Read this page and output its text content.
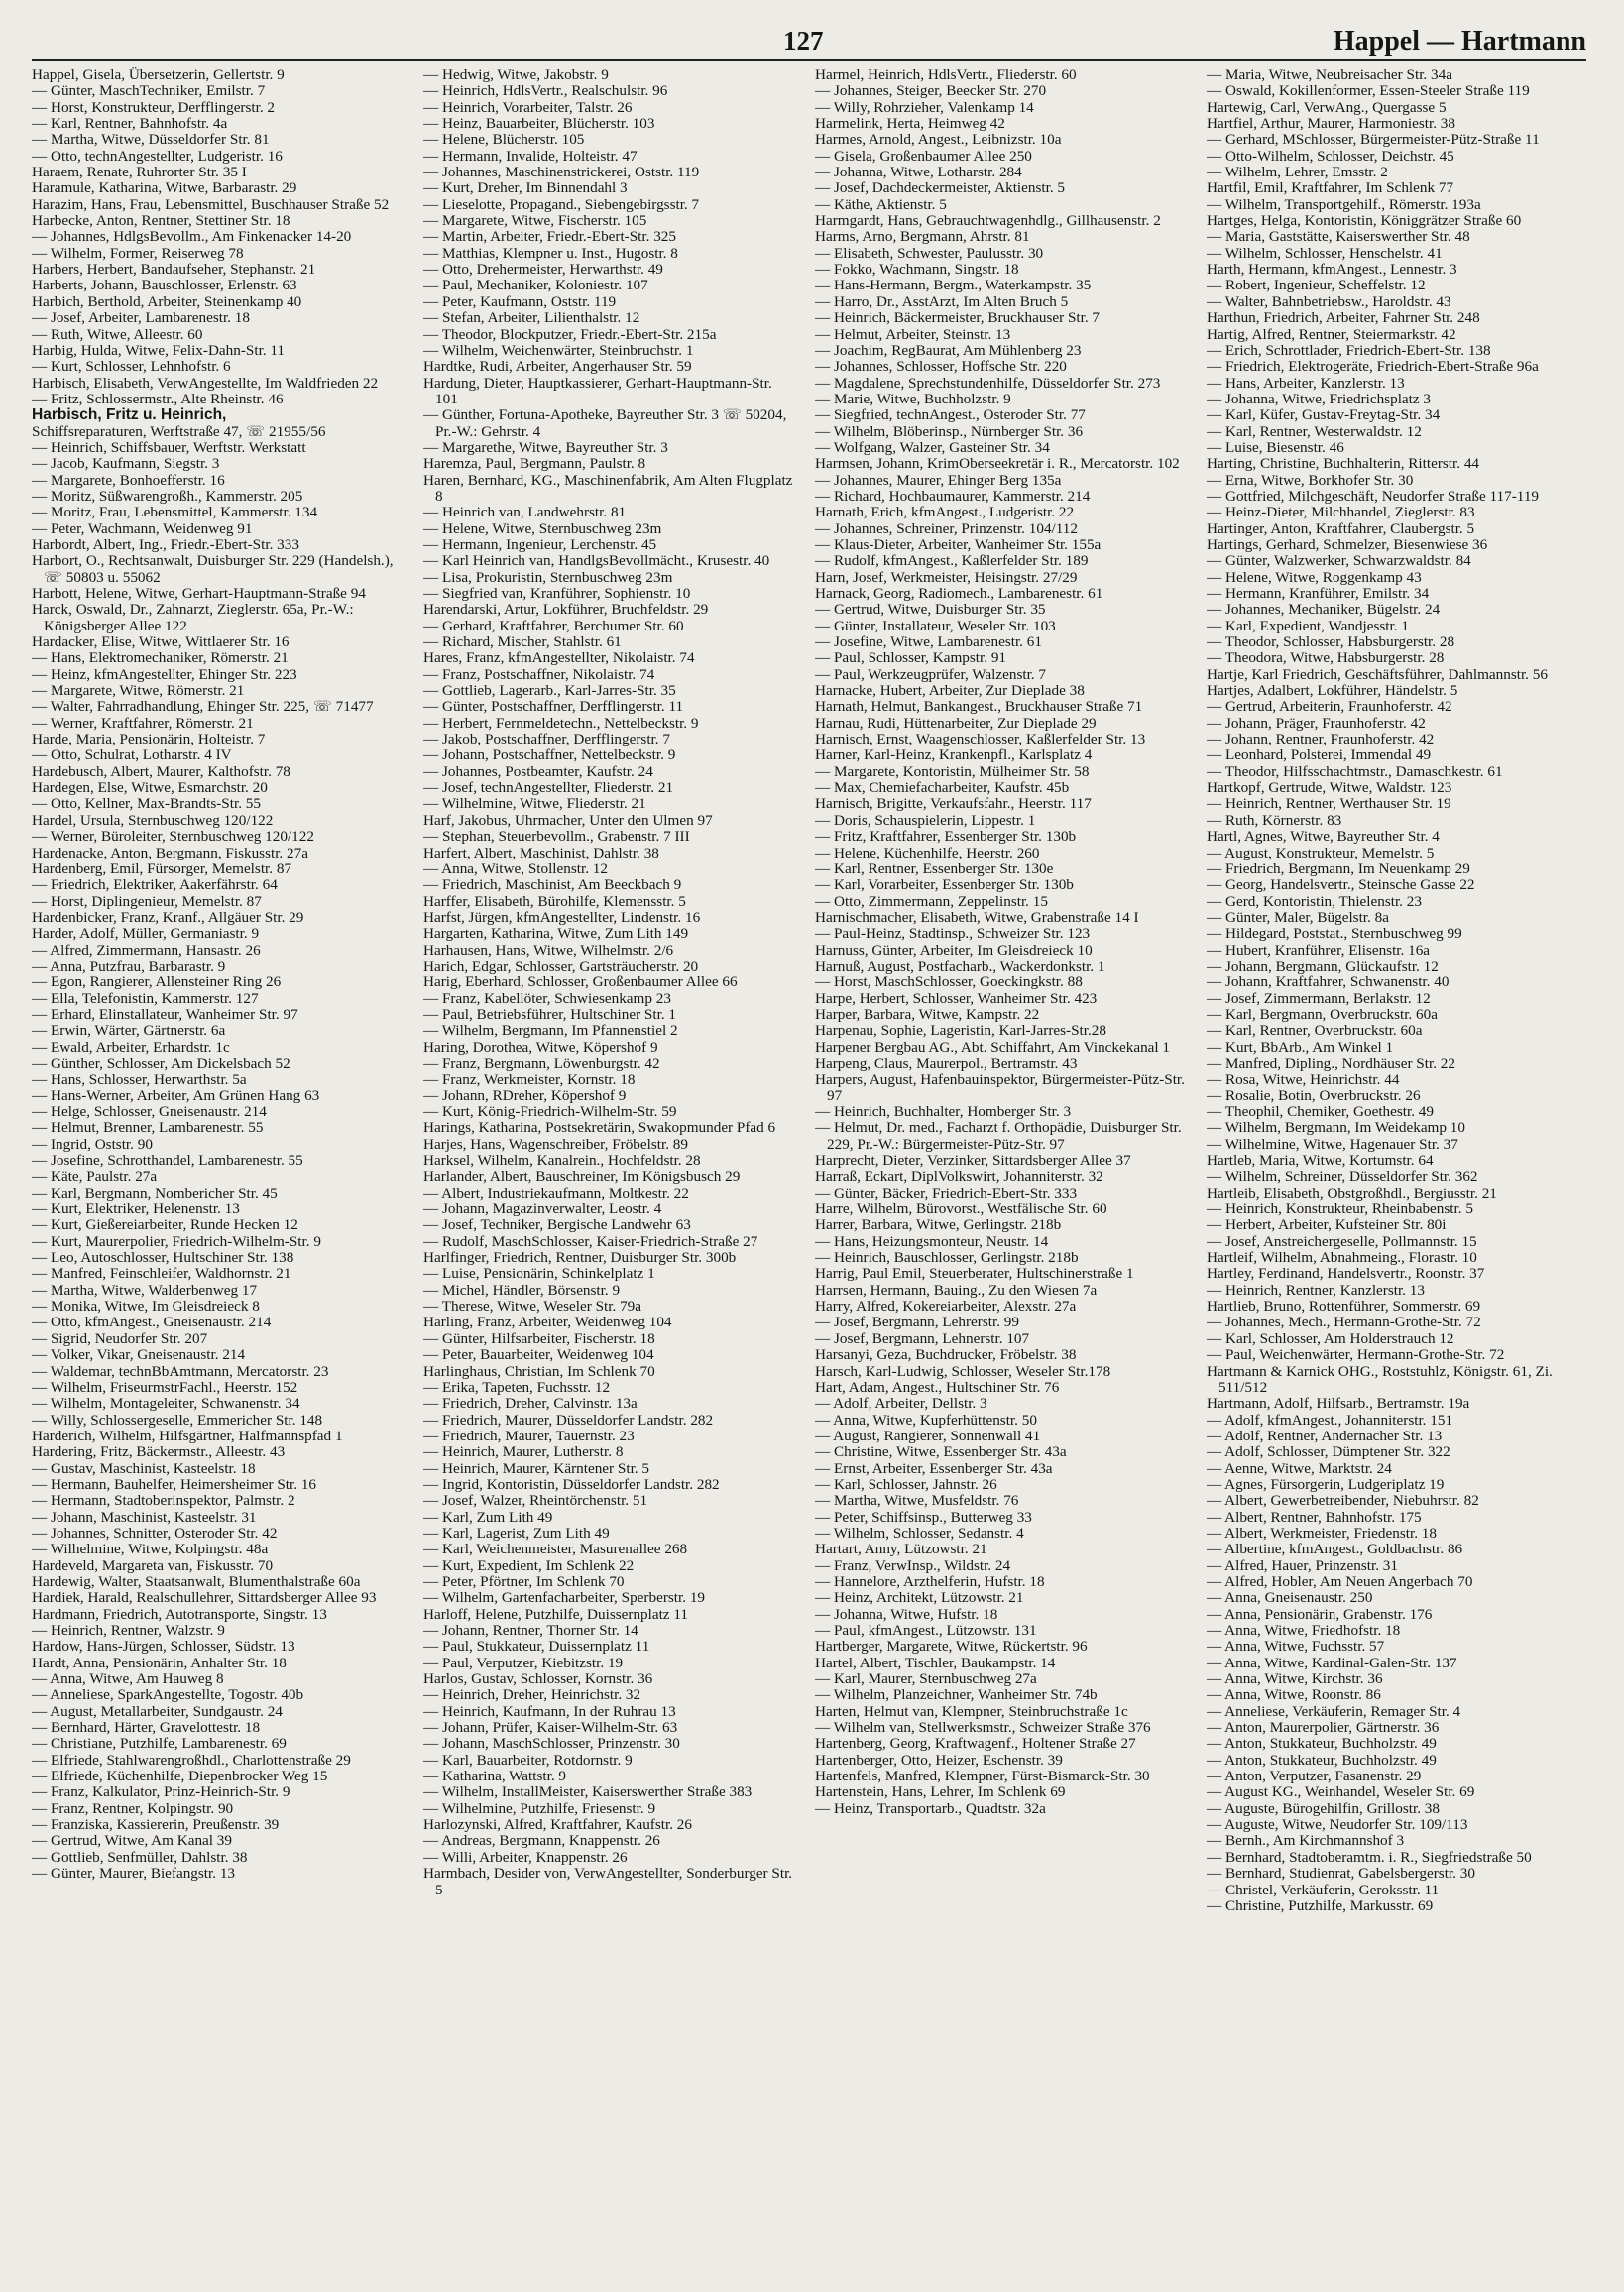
127	Happel — Hartmann

Happel, Gisela, Übersetzerin, Gellertstr. 9

— Günter, MaschTechniker, Emilstr. 7

— Horst, Konstrukteur, Derfflingerstr. 2

— Karl, Rentner, Bahnhofstr. 4a

— Martha, Witwe, Düsseldorfer Str. 81

— Otto, technAngestellter, Ludgeristr. 16

Haraem, Renate, Ruhrorter Str. 35 I

Haramule, Katharina, Witwe, Barbarastr. 29

Harazim, Hans, Frau, Lebensmittel, Buschhauser Straße 52

Harbecke, Anton, Rentner, Stettiner Str. 18

— Johannes, HdlgsBevollm., Am Finkenacker 14-20

— Wilhelm, Former, Reiserweg 78

Harbers, Herbert, Bandaufseher, Stephanstr. 21

Harberts, Johann, Bauschlosser, Erlenstr. 63

Harbich, Berthold, Arbeiter, Steinenkamp 40

— Josef, Arbeiter, Lambarenestr. 18

— Ruth, Witwe, Alleestr. 60

Harbig, Hulda, Witwe, Felix-Dahn-Str. 11

— Kurt, Schlosser, Lehnhofstr. 6

Harbisch, Elisabeth, VerwAngestellte, Im Waldfrieden 22

— Fritz, Schlossermstr., Alte Rheinstr. 46

Harbisch, Fritz u. Heinrich,

Schiffsreparaturen, Werftstraße 47, ☏ 21955/56

— Heinrich, Schiffsbauer, Werftstr. Werkstatt

— Jacob, Kaufmann, Siegstr. 3

— Margarete, Bonhoefferstr. 16

— Moritz, Süßwarengroßh., Kammerstr. 205

— Moritz, Frau, Lebensmittel, Kammerstr. 134

— Peter, Wachmann, Weidenweg 91

Harbordt, Albert, Ing., Friedr.-Ebert-Str. 333

Harbort, O., Rechtsanwalt, Duisburger Str. 229 (Handelsh.), ☏ 50803 u. 55062

Harbott, Helene, Witwe, Gerhart-Hauptmann-Straße 94

Harck, Oswald, Dr., Zahnarzt, Zieglerstr. 65a, Pr.-W.: Königsberger Allee 122

Hardacker, Elise, Witwe, Wittlaerer Str. 16

— Hans, Elektromechaniker, Römerstr. 21

— Heinz, kfmAngestellter, Ehinger Str. 223

— Margarete, Witwe, Römerstr. 21

— Walter, Fahrradhandlung, Ehinger Str. 225, ☏ 71477

— Werner, Kraftfahrer, Römerstr. 21

Harde, Maria, Pensionärin, Holteistr. 7

— Otto, Schulrat, Lotharstr. 4 IV

Hardebusch, Albert, Maurer, Kalthofstr. 78

Hardegen, Else, Witwe, Esmarchstr. 20

— Otto, Kellner, Max-Brandts-Str. 55

Hardel, Ursula, Sternbuschweg 120/122

— Werner, Büroleiter, Sternbuschweg 120/122

Hardenacke, Anton, Bergmann, Fiskusstr. 27a

Hardenberg, Emil, Fürsorger, Memelstr. 87

— Friedrich, Elektriker, Aakerfährstr. 64

— Horst, Diplingenieur, Memelstr. 87

Hardenbicker, Franz, Kranf., Allgäuer Str. 29

Harder, Adolf, Müller, Germaniastr. 9

— Alfred, Zimmermann, Hansastr. 26

— Anna, Putzfrau, Barbarastr. 9

— Egon, Rangierer, Allensteiner Ring 26

— Ella, Telefonistin, Kammerstr. 127

— Erhard, Elinstallateur, Wanheimer Str. 97

— Erwin, Wärter, Gärtnerstr. 6a

— Ewald, Arbeiter, Erhardstr. 1c

— Günther, Schlosser, Am Dickelsbach 52

— Hans, Schlosser, Herwarthstr. 5a

— Hans-Werner, Arbeiter, Am Grünen Hang 63

— Helge, Schlosser, Gneisenaustr. 214

— Helmut, Brenner, Lambarenestr. 55

— Ingrid, Oststr. 90

— Josefine, Schrotthandel, Lambarenestr. 55

— Käte, Paulstr. 27a

— Karl, Bergmann, Nombericher Str. 45

— Kurt, Elektriker, Helenenstr. 13

— Kurt, Gießereiarbeiter, Runde Hecken 12

— Kurt, Maurerpolier, Friedrich-Wilhelm-Str. 9

— Leo, Autoschlosser, Hultschiner Str. 138

— Manfred, Feinschleifer, Waldhornstr. 21

— Martha, Witwe, Walderbenweg 17

— Monika, Witwe, Im Gleisdreieck 8

— Otto, kfmAngest., Gneisenaustr. 214

— Sigrid, Neudorfer Str. 207

— Volker, Vikar, Gneisenaustr. 214

— Waldemar, technBbAmtmann, Mercatorstr. 23

— Wilhelm, FriseurmstrFachl., Heerstr. 152

— Wilhelm, Montageleiter, Schwanenstr. 34

— Willy, Schlossergeselle, Emmericher Str. 148

Harderich, Wilhelm, Hilfsgärtner, Halfmannspfad 1

Hardering, Fritz, Bäckermstr., Alleestr. 43

— Gustav, Maschinist, Kasteelstr. 18

— Hermann, Bauhelfer, Heimersheimer Str. 16

— Hermann, Stadtoberinspektor, Palmstr. 2

— Johann, Maschinist, Kasteelstr. 31

— Johannes, Schnitter, Osteroder Str. 42

— Wilhelmine, Witwe, Kolpingstr. 48a

Hardeveld, Margareta van, Fiskusstr. 70

Hardewig, Walter, Staatsanwalt, Blumenthalstraße 60a

Hardiek, Harald, Realschullehrer, Sittardsberger Allee 93

Hardmann, Friedrich, Autotransporte, Singstr. 13

— Heinrich, Rentner, Walzstr. 9

Hardow, Hans-Jürgen, Schlosser, Südstr. 13

Hardt, Anna, Pensionärin, Anhalter Str. 18

— Anna, Witwe, Am Hauweg 8

— Anneliese, SparkAngestellte, Togostr. 40b

— August, Metallarbeiter, Sundgaustr. 24

— Bernhard, Härter, Gravelottestr. 18

— Christiane, Putzhilfe, Lambarenestr. 69

— Elfriede, Stahlwarengroßhdl., Charlottenstraße 29

— Elfriede, Küchenhilfe, Diepenbrocker Weg 15

— Franz, Kalkulator, Prinz-Heinrich-Str. 9

— Franz, Rentner, Kolpingstr. 90

— Franziska, Kassiererin, Preußenstr. 39

— Gertrud, Witwe, Am Kanal 39

— Gottlieb, Senfmüller, Dahlstr. 38

— Günter, Maurer, Biefangstr. 13

— Hedwig, Witwe, Jakobstr. 9

— Heinrich, HdlsVertr., Realschulstr. 96

— Heinrich, Vorarbeiter, Talstr. 26

— Heinz, Bauarbeiter, Blücherstr. 103

— Helene, Blücherstr. 105

— Hermann, Invalide, Holteistr. 47

— Johannes, Maschinenstrickerei, Oststr. 119

— Kurt, Dreher, Im Binnendahl 3

— Lieselotte, Propagand., Siebengebirgsstr. 7

— Margarete, Witwe, Fischerstr. 105

— Martin, Arbeiter, Friedr.-Ebert-Str. 325

— Matthias, Klempner u. Inst., Hugostr. 8

— Otto, Drehermeister, Herwarthstr. 49

— Paul, Mechaniker, Koloniestr. 107

— Peter, Kaufmann, Oststr. 119

— Stefan, Arbeiter, Lilienthalstr. 12

— Theodor, Blockputzer, Friedr.-Ebert-Str. 215a

— Wilhelm, Weichenwärter, Steinbruchstr. 1

Hardtke, Rudi, Arbeiter, Angerhauser Str. 59

Hardung, Dieter, Hauptkassierer, Gerhart-Hauptmann-Str. 101

— Günther, Fortuna-Apotheke, Bayreuther Str. 3 ☏ 50204, Pr.-W.: Gehrstr. 4

— Margarethe, Witwe, Bayreuther Str. 3

Haremza, Paul, Bergmann, Paulstr. 8

Haren, Bernhard, KG., Maschinenfabrik, Am Alten Flugplatz 8

— Heinrich van, Landwehrstr. 81

— Helene, Witwe, Sternbuschweg 23m

— Hermann, Ingenieur, Lerchenstr. 45

— Karl Heinrich van, HandlgsBevollmächt., Krusestr. 40

— Lisa, Prokuristin, Sternbuschweg 23m

— Siegfried van, Kranführer, Sophienstr. 10

Harendarski, Artur, Lokführer, Bruchfeldstr. 29

— Gerhard, Kraftfahrer, Berchumer Str. 60

— Richard, Mischer, Stahlstr. 61

Hares, Franz, kfmAngestellter, Nikolaistr. 74

— Franz, Postschaffner, Nikolaistr. 74

— Gottlieb, Lagerarb., Karl-Jarres-Str. 35

— Günter, Postschaffner, Derfflingerstr. 11

— Herbert, Fernmeldetechn., Nettelbeckstr. 9

— Jakob, Postschaffner, Derfflingerstr. 7

— Johann, Postschaffner, Nettelbeckstr. 9

— Johannes, Postbeamter, Kaufstr. 24

— Josef, technAngestellter, Fliederstr. 21

— Wilhelmine, Witwe, Fliederstr. 21

Harf, Jakobus, Uhrmacher, Unter den Ulmen 97

— Stephan, Steuerbevollm., Grabenstr. 7 III

Harfert, Albert, Maschinist, Dahlstr. 38

— Anna, Witwe, Stollenstr. 12

— Friedrich, Maschinist, Am Beeckbach 9

Harffer, Elisabeth, Bürohilfe, Klemensstr. 5

Harfst, Jürgen, kfmAngestellter, Lindenstr. 16

Hargarten, Katharina, Witwe, Zum Lith 149

Harhausen, Hans, Witwe, Wilhelmstr. 2/6

Harich, Edgar, Schlosser, Gartsträucherstr. 20

Harig, Eberhard, Schlosser, Großenbaumer Allee 66

— Franz, Kabellöter, Schwiesenkamp 23

— Paul, Betriebsführer, Hultschiner Str. 1

— Wilhelm, Bergmann, Im Pfannenstiel 2

Haring, Dorothea, Witwe, Köpershof 9

— Franz, Bergmann, Löwenburgstr. 42

— Franz, Werkmeister, Kornstr. 18

— Johann, RDreher, Köpershof 9

— Kurt, König-Friedrich-Wilhelm-Str. 59

Harings, Katharina, Postsekretärin, Swakopmunder Pfad 6

Harjes, Hans, Wagenschreiber, Fröbelstr. 89

Harksel, Wilhelm, Kanalrein., Hochfeldstr. 28

Harlander, Albert, Bauschreiner, Im Königsbusch 29

— Albert, Industriekaufmann, Moltkestr. 22

— Johann, Magazinverwalter, Leostr. 4

— Josef, Techniker, Bergische Landwehr 63

— Rudolf, MaschSchlosser, Kaiser-Friedrich-Straße 27

Harlfinger, Friedrich, Rentner, Duisburger Str. 300b

— Luise, Pensionärin, Schinkelplatz 1

— Michel, Händler, Börsenstr. 9

— Therese, Witwe, Weseler Str. 79a

Harling, Franz, Arbeiter, Weidenweg 104

— Günter, Hilfsarbeiter, Fischerstr. 18

— Peter, Bauarbeiter, Weidenweg 104

Harlinghaus, Christian, Im Schlenk 70

— Erika, Tapeten, Fuchsstr. 12

— Friedrich, Dreher, Calvinstr. 13a

— Friedrich, Maurer, Düsseldorfer Landstr. 282

— Friedrich, Maurer, Tauernstr. 23

— Heinrich, Maurer, Lutherstr. 8

— Heinrich, Maurer, Kärntener Str. 5

— Ingrid, Kontoristin, Düsseldorfer Landstr. 282

— Josef, Walzer, Rheintörchenstr. 51

— Karl, Zum Lith 49

— Karl, Lagerist, Zum Lith 49

— Karl, Weichenmeister, Masurenallee 268

— Kurt, Expedient, Im Schlenk 22

— Peter, Pförtner, Im Schlenk 70

— Wilhelm, Gartenfacharbeiter, Sperberstr. 19

Harloff, Helene, Putzhilfe, Duissernplatz 11

— Johann, Rentner, Thorner Str. 14

— Paul, Stukkateur, Duissernplatz 11

— Paul, Verputzer, Kiebitzstr. 19

Harlos, Gustav, Schlosser, Kornstr. 36

— Heinrich, Dreher, Heinrichstr. 32

— Heinrich, Kaufmann, In der Ruhrau 13

— Johann, Prüfer, Kaiser-Wilhelm-Str. 63

— Johann, MaschSchlosser, Prinzenstr. 30

— Karl, Bauarbeiter, Rotdornstr. 9

— Katharina, Wattstr. 9

— Wilhelm, InstallMeister, Kaiserswerther Straße 383

— Wilhelmine, Putzhilfe, Friesenstr. 9

Harlozynski, Alfred, Kraftfahrer, Kaufstr. 26

— Andreas, Bergmann, Knappenstr. 26

— Willi, Arbeiter, Knappenstr. 26

Harmbach, Desider von, VerwAngestellter, Sonderburger Str. 5

Harmel, Heinrich, HdlsVertr., Fliederstr. 60

— Johannes, Steiger, Beecker Str. 270

— Willy, Rohrzieher, Valenkamp 14

Harmelink, Herta, Heimweg 42

Harmes, Arnold, Angest., Leibnizstr. 10a

— Gisela, Großenbaumer Allee 250

— Johanna, Witwe, Lotharstr. 284

— Josef, Dachdeckermeister, Aktienstr. 5

— Käthe, Aktienstr. 5

Harmgardt, Hans, Gebrauchtwagenhdlg., Gillhausenstr. 2

Harms, Arno, Bergmann, Ahrstr. 81

— Elisabeth, Schwester, Paulusstr. 30

— Fokko, Wachmann, Singstr. 18

— Hans-Hermann, Bergm., Waterkampstr. 35

— Harro, Dr., AsstArzt, Im Alten Bruch 5

— Heinrich, Bäckermeister, Bruckhauser Str. 7

— Helmut, Arbeiter, Steinstr. 13

— Joachim, RegBaurat, Am Mühlenberg 23

— Johannes, Schlosser, Hoffsche Str. 220

— Magdalene, Sprechstundenhilfe, Düsseldorfer Str. 273

— Marie, Witwe, Buchholzstr. 9

— Siegfried, technAngest., Osteroder Str. 77

— Wilhelm, Blöberinsp., Nürnberger Str. 36

— Wolfgang, Walzer, Gasteiner Str. 34

Harmsen, Johann, KrimOberseekretär i. R., Mercatorstr. 102

— Johannes, Maurer, Ehinger Berg 135a

— Richard, Hochbaumaurer, Kammerstr. 214

Harnath, Erich, kfmAngest., Ludgeristr. 22

— Johannes, Schreiner, Prinzenstr. 104/112

— Klaus-Dieter, Arbeiter, Wanheimer Str. 155a

— Rudolf, kfmAngest., Kaßlerfelder Str. 189

Harn, Josef, Werkmeister, Heisingstr. 27/29

Harnack, Georg, Radiomech., Lambarenestr. 61

— Gertrud, Witwe, Duisburger Str. 35

— Günter, Installateur, Weseler Str. 103

— Josefine, Witwe, Lambarenestr. 61

— Paul, Schlosser, Kampstr. 91

— Paul, Werkzeugprüfer, Walzenstr. 7

Harnacke, Hubert, Arbeiter, Zur Dieplade 38

Harnath, Helmut, Bankangest., Bruckhauser Straße 71

Harnau, Rudi, Hüttenarbeiter, Zur Dieplade 29

Harnisch, Ernst, Waagenschlosser, Kaßlerfelder Str. 13

Harner, Karl-Heinz, Krankenpfl., Karlsplatz 4

— Margarete, Kontoristin, Mülheimer Str. 58

— Max, Chemiefacharbeiter, Kaufstr. 45b

Harnisch, Brigitte, Verkaufsfahr., Heerstr. 117

— Doris, Schauspielerin, Lippestr. 1

— Fritz, Kraftfahrer, Essenberger Str. 130b

— Helene, Küchenhilfe, Heerstr. 260

— Karl, Rentner, Essenberger Str. 130e

— Karl, Vorarbeiter, Essenberger Str. 130b

— Otto, Zimmermann, Zeppelinstr. 15

Harnischmacher, Elisabeth, Witwe, Grabenstraße 14 I

— Paul-Heinz, Stadtinsp., Schweizer Str. 123

Harnuss, Günter, Arbeiter, Im Gleisdreieck 10

Harnuß, August, Postfacharb., Wackerdonkstr. 1

— Horst, MaschSchlosser, Goeckingkstr. 88

Harpe, Herbert, Schlosser, Wanheimer Str. 423

Harper, Barbara, Witwe, Kampstr. 22

Harpenau, Sophie, Lageristin, Karl-Jarres-Str.28

Harpener Bergbau AG., Abt. Schiffahrt, Am Vinckekanal 1

Harpeng, Claus, Maurerpol., Bertramstr. 43

Harpers, August, Hafenbauinspektor, Bürgermeister-Pütz-Str. 97

— Heinrich, Buchhalter, Homberger Str. 3

— Helmut, Dr. med., Facharzt f. Orthopädie, Duisburger Str. 229, Pr.-W.: Bürgermeister-Pütz-Str. 97

Harprecht, Dieter, Verzinker, Sittardsberger Allee 37

Harraß, Eckart, DiplVolkswirt, Johanniterstr. 32

— Günter, Bäcker, Friedrich-Ebert-Str. 333

Harre, Wilhelm, Bürovorst., Westfälische Str. 60

Harrer, Barbara, Witwe, Gerlingstr. 218b

— Hans, Heizungsmonteur, Neustr. 14

— Heinrich, Bauschlosser, Gerlingstr. 218b

Harrig, Paul Emil, Steuerberater, Hultschinerstraße 1

Harrsen, Hermann, Bauing., Zu den Wiesen 7a

Harry, Alfred, Kokereiarbeiter, Alexstr. 27a

— Josef, Bergmann, Lehrerstr. 99

— Josef, Bergmann, Lehnerstr. 107

Harsanyi, Geza, Buchdrucker, Fröbelstr. 38

Harsch, Karl-Ludwig, Schlosser, Weseler Str.178

Hart, Adam, Angest., Hultschiner Str. 76

— Adolf, Arbeiter, Dellstr. 3

— Anna, Witwe, Kupferhüttenstr. 50

— August, Rangierer, Sonnenwall 41

— Christine, Witwe, Essenberger Str. 43a

— Ernst, Arbeiter, Essenberger Str. 43a

— Karl, Schlosser, Jahnstr. 26

— Martha, Witwe, Musfeldstr. 76

— Peter, Schiffsinsp., Butterweg 33

— Wilhelm, Schlosser, Sedanstr. 4

Hartart, Anny, Lützowstr. 21

— Franz, VerwInsp., Wildstr. 24

— Hannelore, Arzthelferin, Hufstr. 18

— Heinz, Architekt, Lützowstr. 21

— Johanna, Witwe, Hufstr. 18

— Paul, kfmAngest., Lützowstr. 131

Hartberger, Margarete, Witwe, Rückertstr. 96

Hartel, Albert, Tischler, Baukampstr. 14

— Karl, Maurer, Sternbuschweg 27a

— Wilhelm, Planzeichner, Wanheimer Str. 74b

Harten, Helmut van, Klempner, Steinbruchstraße 1c

— Wilhelm van, Stellwerksmstr., Schweizer Straße 376

Hartenberg, Georg, Kraftwagenf., Holtener Straße 27

Hartenberger, Otto, Heizer, Eschenstr. 39

Hartenfels, Manfred, Klempner, Fürst-Bismarck-Str. 30

Hartenstein, Hans, Lehrer, Im Schlenk 69

— Heinz, Transportarb., Quadtstr. 32a

— Maria, Witwe, Neubreisacher Str. 34a

— Oswald, Kokillenformer, Essen-Steeler Straße 119

Hartewig, Carl, VerwAng., Quergasse 5

Hartfiel, Arthur, Maurer, Harmoniestr. 38

— Gerhard, MSchlosser, Bürgermeister-Pütz-Straße 11

— Otto-Wilhelm, Schlosser, Deichstr. 45

— Wilhelm, Lehrer, Emsstr. 2

Hartfil, Emil, Kraftfahrer, Im Schlenk 77

— Wilhelm, Transportgehilf., Römerstr. 193a

Hartges, Helga, Kontoristin, Königgrätzer Straße 60

— Maria, Gaststätte, Kaiserswerther Str. 48

— Wilhelm, Schlosser, Henschelstr. 41

Harth, Hermann, kfmAngest., Lennestr. 3

— Robert, Ingenieur, Scheffelstr. 12

— Walter, Bahnbetriebsw., Haroldstr. 43

Harthun, Friedrich, Arbeiter, Fahrner Str. 248

Hartig, Alfred, Rentner, Steiermarkstr. 42

— Erich, Schrottlader, Friedrich-Ebert-Str. 138

— Friedrich, Elektrogeräte, Friedrich-Ebert-Straße 96a

— Hans, Arbeiter, Kanzlerstr. 13

— Johanna, Witwe, Friedrichsplatz 3

— Karl, Küfer, Gustav-Freytag-Str. 34

— Karl, Rentner, Westerwaldstr. 12

— Luise, Biesenstr. 46

Harting, Christine, Buchhalterin, Ritterstr. 44

— Erna, Witwe, Borkhofer Str. 30

— Gottfried, Milchgeschäft, Neudorfer Straße 117-119

— Heinz-Dieter, Milchhandel, Zieglerstr. 83

Hartinger, Anton, Kraftfahrer, Claubergstr. 5

Hartings, Gerhard, Schmelzer, Biesenwiese 36

— Günter, Walzwerker, Schwarzwaldstr. 84

— Helene, Witwe, Roggenkamp 43

— Hermann, Kranführer, Emilstr. 34

— Johannes, Mechaniker, Bügelstr. 24

— Karl, Expedient, Wandjesstr. 1

— Theodor, Schlosser, Habsburgerstr. 28

— Theodora, Witwe, Habsburgerstr. 28

Hartje, Karl Friedrich, Geschäftsführer, Dahlmannstr. 56

Hartjes, Adalbert, Lokführer, Händelstr. 5

— Gertrud, Arbeiterin, Fraunhoferstr. 42

— Johann, Präger, Fraunhoferstr. 42

— Johann, Rentner, Fraunhoferstr. 42

— Leonhard, Polsterei, Immendal 49

— Theodor, Hilfsschachtmstr., Damaschkestr. 61

Hartkopf, Gertrude, Witwe, Waldstr. 123

— Heinrich, Rentner, Werthauser Str. 19

— Ruth, Körnerstr. 83

Hartl, Agnes, Witwe, Bayreuther Str. 4

— August, Konstrukteur, Memelstr. 5

— Friedrich, Bergmann, Im Neuenkamp 29

— Georg, Handelsvertr., Steinsche Gasse 22

— Gerd, Kontoristin, Thielenstr. 23

— Günter, Maler, Bügelstr. 8a

— Hildegard, Poststat., Sternbuschweg 99

— Hubert, Kranführer, Elisenstr. 16a

— Johann, Bergmann, Glückaufstr. 12

— Johann, Kraftfahrer, Schwanenstr. 40

— Josef, Zimmermann, Berlakstr. 12

— Karl, Bergmann, Overbruckstr. 60a

— Karl, Rentner, Overbruckstr. 60a

— Kurt, BbArb., Am Winkel 1

— Manfred, Dipling., Nordhäuser Str. 22

— Rosa, Witwe, Heinrichstr. 44

— Rosalie, Botin, Overbruckstr. 26

— Theophil, Chemiker, Goethestr. 49

— Wilhelm, Bergmann, Im Weidekamp 10

— Wilhelmine, Witwe, Hagenauer Str. 37

Hartleb, Maria, Witwe, Kortumstr. 64

— Wilhelm, Schreiner, Düsseldorfer Str. 362

Hartleib, Elisabeth, Obstgroßhdl., Bergiusstr. 21

— Heinrich, Konstrukteur, Rheinbabenstr. 5

— Herbert, Arbeiter, Kufsteiner Str. 80i

— Josef, Anstreichergeselle, Pollmannstr. 15

Hartleif, Wilhelm, Abnahmeing., Florastr. 10

Hartley, Ferdinand, Handelsvertr., Roonstr. 37

— Heinrich, Rentner, Kanzlerstr. 13

Hartlieb, Bruno, Rottenführer, Sommerstr. 69

— Johannes, Mech., Hermann-Grothe-Str. 72

— Karl, Schlosser, Am Holderstrauch 12

— Paul, Weichenwärter, Hermann-Grothe-Str. 72

Hartmann & Karnick OHG., Roststuhlz, Königstr. 61, Zi. 511/512

Hartmann, Adolf, Hilfsarb., Bertramstr. 19a

— Adolf, kfmAngest., Johanniterstr. 151

— Adolf, Rentner, Andernacher Str. 13

— Adolf, Schlosser, Dümptener Str. 322

— Aenne, Witwe, Marktstr. 24

— Agnes, Fürsorgerin, Ludgeriplatz 19

— Albert, Gewerbetreibender, Niebuhrstr. 82

— Albert, Rentner, Bahnhofstr. 175

— Albert, Werkmeister, Friedenstr. 18

— Albertine, kfmAngest., Goldbachstr. 86

— Alfred, Hauer, Prinzenstr. 31

— Alfred, Hobler, Am Neuen Angerbach 70

— Anna, Gneisenaustr. 250

— Anna, Pensionärin, Grabenstr. 176

— Anna, Witwe, Friedhofstr. 18

— Anna, Witwe, Fuchsstr. 57

— Anna, Witwe, Kardinal-Galen-Str. 137

— Anna, Witwe, Kirchstr. 36

— Anna, Witwe, Roonstr. 86

— Anneliese, Verkäuferin, Remager Str. 4

— Anton, Maurerpolier, Gärtnerstr. 36

— Anton, Stukkateur, Buchholzstr. 49

— Anton, Stukkateur, Buchholzstr. 49

— Anton, Verputzer, Fasanenstr. 29

— August KG., Weinhandel, Weseler Str. 69

— Auguste, Bürogehilfin, Grillostr. 38

— Auguste, Witwe, Neudorfer Str. 109/113

— Bernh., Am Kirchmannshof 3

— Bernhard, Stadtoberamtm. i. R., Siegfriedstraße 50

— Bernhard, Studienrat, Gabelsbergerstr. 30

— Christel, Verkäuferin, Geroksstr. 11

— Christine, Putzhilfe, Markusstr. 69
